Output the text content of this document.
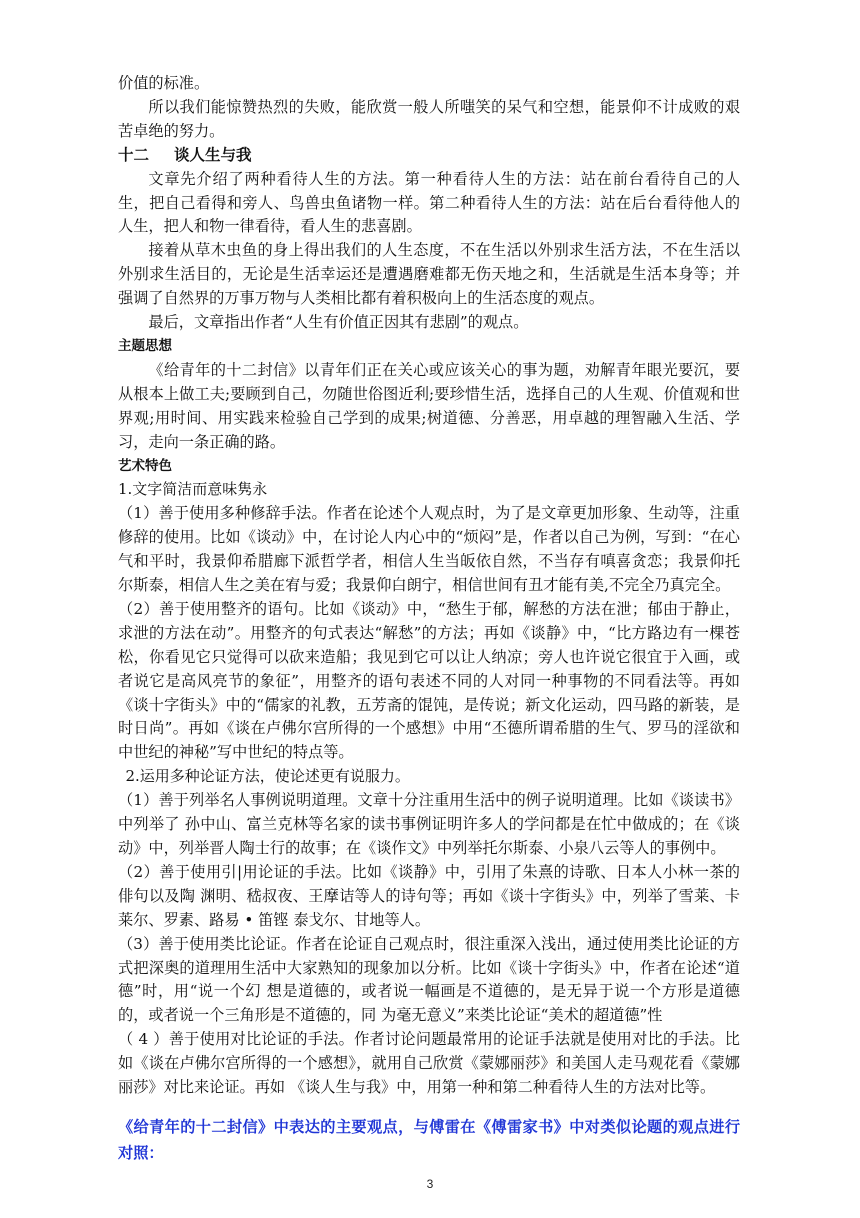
价值的标准。

所以我们能惊赞热烈的失败，能欣赏一般人所嗤笑的呆气和空想，能景仰不计成败的艰苦卓绝的努力。

十二 谈人生与我

文章先介绍了两种看待人生的方法。第一种看待人生的方法：站在前台看待自己的人生，把自己看得和旁人、鸟兽虫鱼诸物一样。第二种看待人生的方法：站在后台看待他人的人生，把人和物一律看待，看人生的悲喜剧。

接着从草木虫鱼的身上得出我们的人生态度，不在生活以外别求生活方法，不在生活以外别求生活目的，无论是生活幸运还是遭遇磨难都无伤天地之和，生活就是生活本身等；并强调了自然界的万事万物与人类相比都有着积极向上的生活态度的观点。

最后，文章指出作者“人生有价值正因其有悲剧”的观点。

主题思想

《给青年的十二封信》以青年们正在关心或应该关心的事为题，劝解青年眼光要沉，要从根本上做工夫;要顾到自己，勿随世俗图近利;要珍惜生活，选择自己的人生观、价值观和世界观;用时间、用实践来检验自己学到的成果;树道德、分善恶，用卓越的理智融入生活、学习，走向一条正确的路。

艺术特色
1.文字简洁而意味隽永

（1）善于使用多种修辞手法。作者在论述个人观点时，为了是文章更加形象、生动等，注重修辞的使用。比如《谈动》中，在讨论人内心中的“烦闷”是，作者以自己为例，写到：“在心气和平时，我景仰希腊廊下派哲学者，相信人生当皈依自然，不当存有嗔喜贪恋；我景仰托尔斯泰，相信人生之美在宥与爱；我景仰白朗宁，相信世间有丑才能有美,不完全乃真完全。

（2）善于使用整齐的语句。比如《谈动》中，“愁生于郁，解愁的方法在泄；郁由于静止，求泄的方法在动”。用整齐的句式表达“解愁”的方法；再如《谈静》中，“比方路边有一棵苍松，你看见它只觉得可以砍来造船；我见到它可以让人纳凉；旁人也许说它很宜于入画，或者说它是高风亮节的象征”，用整齐的语句表述不同的人对同一种事物的不同看法等。再如《谈十字街头》中的“儒家的礼教，五芳斋的馄饨，是传说；新文化运动，四马路的新装，是时日尚”。再如《谈在卢佛尔宫所得的一个感想》中用“丕德所谓希腊的生气、罗马的淫欲和中世纪的神秘”写中世纪的特点等。

2.运用多种论证方法，使论述更有说服力。

（1）善于列举名人事例说明道理。文章十分注重用生活中的例子说明道理。比如《谈读书》中列举了 孙中山、富兰克林等名家的读书事例证明许多人的学问都是在忙中做成的；在《谈动》中，列举晋人陶士行的故事；在《谈作文》中列举托尔斯泰、小泉八云等人的事例中。

（2）善于使用引|用论证的手法。比如《谈静》中，引用了朱熹的诗歌、日本人小林一茶的俳句以及陶 渊明、嵇叔夜、王摩诘等人的诗句等；再如《谈十字街头》中，列举了雪莱、卡莱尔、罗素、路易 • 笛铿 泰戈尔、甘地等人。

（3）善于使用类比论证。作者在论证自己观点时，很注重深入浅出，通过使用类比论证的方式把深奥的道理用生活中大家熟知的现象加以分析。比如《谈十字街头》中，作者在论述“道德”时，用“说一个幻 想是道德的，或者说一幅画是不道德的，是无异于说一个方形是道德的，或者说一个三角形是不道德的，同 为毫无意义”来类比论证“美术的超道德”性

（ 4 ）善于使用对比论证的手法。作者讨论问题最常用的论证手法就是使用对比的手法。比如《谈在卢佛尔宫所得的一个感想》，就用自己欣赏《蒙娜丽莎》和美国人走马观花看《蒙娜丽莎》对比来论证。再如 《谈人生与我》中，用第一种和第二种看待人生的方法对比等。

《给青年的十二封信》中表达的主要观点，与傅雷在《傅雷家书》中对类似论题的观点进行对照：

3
